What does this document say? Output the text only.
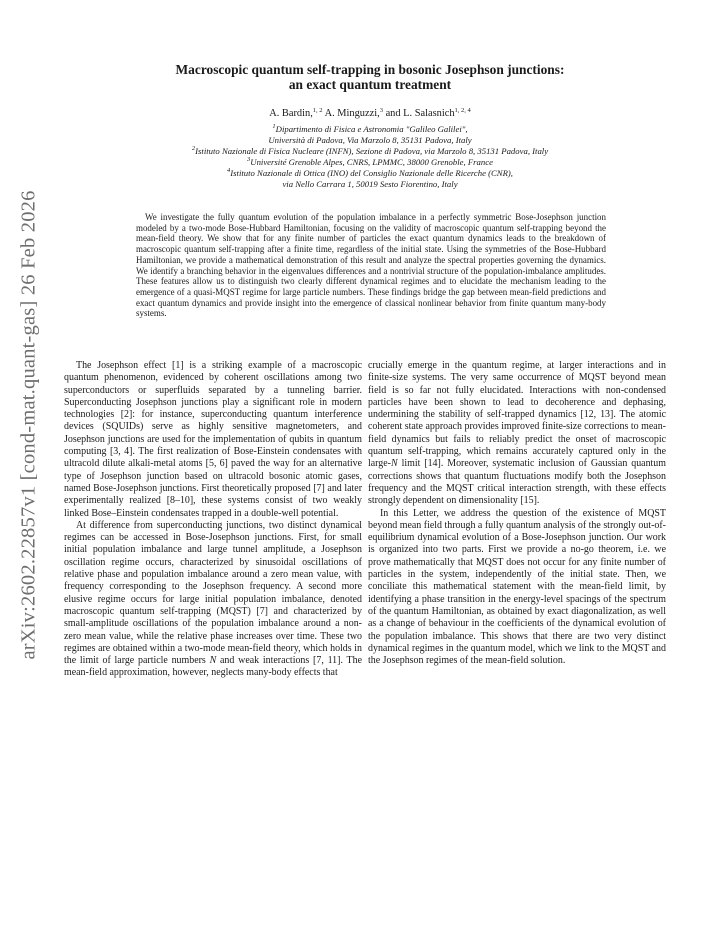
arXiv:2602.22857v1 [cond-mat.quant-gas] 26 Feb 2026
Macroscopic quantum self-trapping in bosonic Josephson junctions:
an exact quantum treatment
A. Bardin,$^{1, 2}$ A. Minguzzi,$^3$ and L. Salasnich$^{1, 2, 4}$
$^1$Dipartimento di Fisica e Astronomia "Galileo Galilei",
Università di Padova, Via Marzolo 8, 35131 Padova, Italy
$^2$Istituto Nazionale di Fisica Nucleare (INFN), Sezione di Padova, via Marzolo 8, 35131 Padova, Italy
$^3$Université Grenoble Alpes, CNRS, LPMMC, 38000 Grenoble, France
$^4$Istituto Nazionale di Ottica (INO) del Consiglio Nazionale delle Ricerche (CNR),
via Nello Carrara 1, 50019 Sesto Fiorentino, Italy
We investigate the fully quantum evolution of the population imbalance in a perfectly symmetric Bose-Josephson junction modeled by a two-mode Bose-Hubbard Hamiltonian, focusing on the validity of macroscopic quantum self-trapping beyond the mean-field theory. We show that for any finite number of particles the exact quantum dynamics leads to the breakdown of macroscopic quantum self-trapping after a finite time, regardless of the initial state. Using the symmetries of the Bose-Hubbard Hamiltonian, we provide a mathematical demonstration of this result and analyze the spectral properties governing the dynamics. We identify a branching behavior in the eigenvalues differences and a nontrivial structure of the population-imbalance amplitudes. These features allow us to distinguish two clearly different dynamical regimes and to elucidate the mechanism leading to the emergence of a quasi-MQST regime for large particle numbers. These findings bridge the gap between mean-field predictions and exact quantum dynamics and provide insight into the emergence of classical nonlinear behavior from finite quantum many-body systems.

The Josephson effect [1] is a striking example of a macroscopic quantum phenomenon, evidenced by coherent oscillations among two superconductors or superfluids separated by a tunneling barrier. Superconducting Josephson junctions play a significant role in modern technologies [2]: for instance, superconducting quantum interference devices (SQUIDs) serve as highly sensitive magnetometers, and Josephson junctions are used for the implementation of qubits in quantum computing [3, 4]. The first realization of Bose-Einstein condensates with ultracold dilute alkali-metal atoms [5, 6] paved the way for an alternative type of Josephson junction based on ultracold bosonic atomic gases, named Bose-Josephson junctions. First theoretically proposed [7] and later experimentally realized [8–10], these systems consist of two weakly linked Bose–Einstein condensates trapped in a double-well potential.

At difference from superconducting junctions, two distinct dynamical regimes can be accessed in Bose-Josephson junctions. First, for small initial population imbalance and large tunnel amplitude, a Josephson oscillation regime occurs, characterized by sinusoidal oscillations of relative phase and population imbalance around a zero mean value, with frequency corresponding to the Josephson frequency. A second more elusive regime occurs for large initial population imbalance, denoted macroscopic quantum self-trapping (MQST) [7] and characterized by small-amplitude oscillations of the population imbalance around a non-zero mean value, while the relative phase increases over time. These two regimes are obtained within a two-mode mean-field theory, which holds in the limit of large particle numbers N and weak interactions [7, 11]. The mean-field approximation, however, neglects many-body effects that

crucially emerge in the quantum regime, at larger interactions and in finite-size systems. The very same occurrence of MQST beyond mean field is so far not fully elucidated. Interactions with non-condensed particles have been shown to lead to decoherence and dephasing, undermining the stability of self-trapped dynamics [12, 13]. The atomic coherent state approach provides improved finite-size corrections to mean-field dynamics but fails to reliably predict the onset of macroscopic quantum self-trapping, which remains accurately captured only in the large-N limit [14]. Moreover, systematic inclusion of Gaussian quantum corrections shows that quantum fluctuations modify both the Josephson frequency and the MQST critical interaction strength, with these effects strongly dependent on dimensionality [15].

In this Letter, we address the question of the existence of MQST beyond mean field through a fully quantum analysis of the strongly out-of-equilibrium dynamical evolution of a Bose-Josephson junction. Our work is organized into two parts. First we provide a no-go theorem, i.e. we prove mathematically that MQST does not occur for any finite number of particles in the system, independently of the initial state. Then, we conciliate this mathematical statement with the mean-field limit, by identifying a phase transition in the energy-level spacings of the spectrum of the quantum Hamiltonian, as obtained by exact diagonalization, as well as a change of behaviour in the coefficients of the dynamical evolution of the population imbalance. This shows that there are two very distinct dynamical regimes in the quantum model, which we link to the MQST and the Josephson regimes of the mean-field solution.
